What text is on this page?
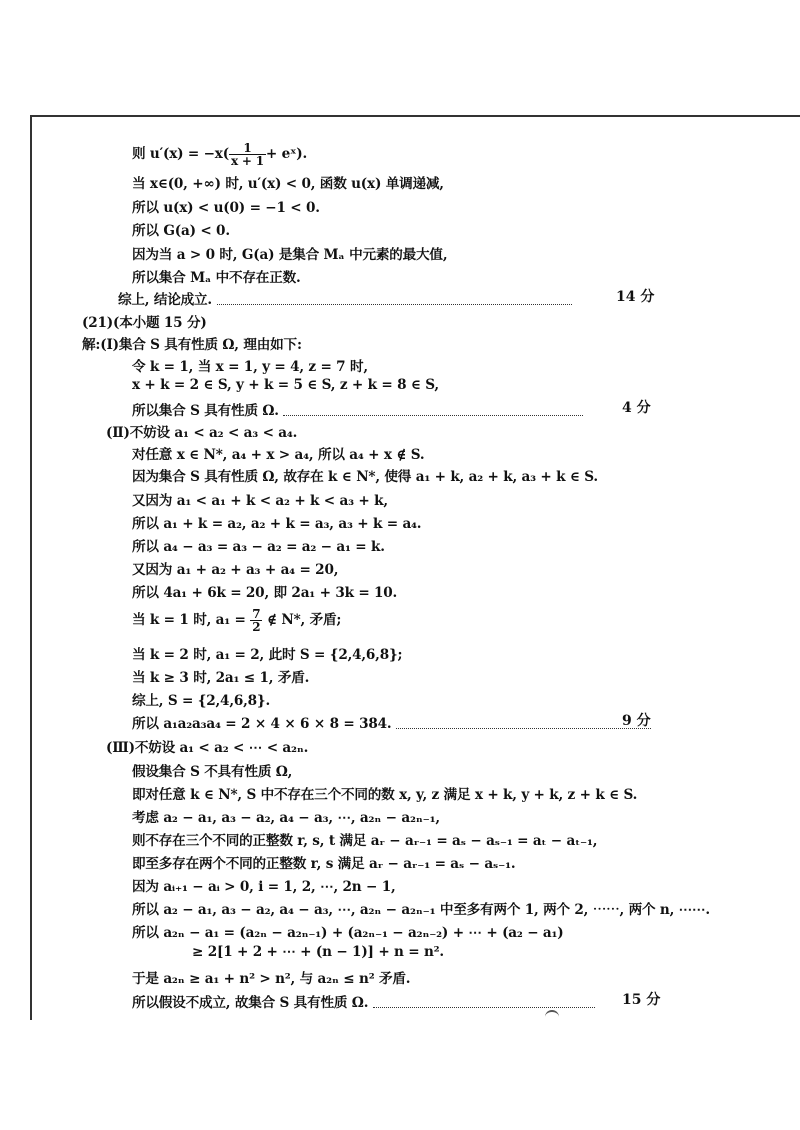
则 $u'(x) = -x( \frac{1}{x + 1}$ + eˣ).
当 x∈(0, +∞) 时, u′(x) < 0, 函数 u(x) 单调递减,
所以 u(x) < u(0) = −1 < 0.
所以 G(a) < 0.
因为当 a > 0 时, G(a) 是集合 Mₐ 中元素的最大值,
所以集合 Mₐ 中不存在正数.
综上, 结论成立.	14 分
(21)(本小题 15 分)
解:(Ⅰ)集合 S 具有性质 Ω, 理由如下:
令 k = 1, 当 x = 1, y = 4, z = 7 时,
x + k = 2 ∈ S, y + k = 5 ∈ S, z + k = 8 ∈ S,
所以集合 S 具有性质 Ω.	4 分
(Ⅱ)不妨设 a₁ < a₂ < a₃ < a₄.
对任意 x ∈ N*, a₄ + x > a₄, 所以 a₄ + x ∉ S.
因为集合 S 具有性质 Ω, 故存在 k ∈ N*, 使得 a₁ + k, a₂ + k, a₃ + k ∈ S.
又因为 a₁ < a₁ + k < a₂ + k < a₃ + k,
所以 a₁ + k = a₂, a₂ + k = a₃, a₃ + k = a₄.
所以 a₄ − a₃ = a₃ − a₂ = a₂ − a₁ = k.
又因为 a₁ + a₂ + a₃ + a₄ = 20,
所以 4a₁ + 6k = 20, 即 2a₁ + 3k = 10.
当 k = 1 时, $a_1 = \frac{7}{2}$ ∉ N*, 矛盾;
当 k = 2 时, a₁ = 2, 此时 S = {2,4,6,8};
当 k ≥ 3 时, 2a₁ ≤ 1, 矛盾.
综上, S = {2,4,6,8}.
所以 a₁a₂a₃a₄ = 2 × 4 × 6 × 8 = 384.	9 分
(Ⅲ)不妨设 a₁ < a₂ < ⋯ < a₂ₙ.
假设集合 S 不具有性质 Ω,
即对任意 k ∈ N*, S 中不存在三个不同的数 x, y, z 满足 x + k, y + k, z + k ∈ S.
考虑 a₂ − a₁, a₃ − a₂, a₄ − a₃, ⋯, a₂ₙ − a₂ₙ₋₁,
则不存在三个不同的正整数 r, s, t 满足 aᵣ − aᵣ₋₁ = aₛ − aₛ₋₁ = aₜ − aₜ₋₁,
即至多存在两个不同的正整数 r, s 满足 aᵣ − aᵣ₋₁ = aₛ − aₛ₋₁.
因为 aᵢ₊₁ − aᵢ > 0, i = 1, 2, ⋯, 2n − 1,
所以 a₂ − a₁, a₃ − a₂, a₄ − a₃, ⋯, a₂ₙ − a₂ₙ₋₁ 中至多有两个 1, 两个 2, ⋯⋯, 两个 n, ⋯⋯.
所以 a₂ₙ − a₁ = (a₂ₙ − a₂ₙ₋₁) + (a₂ₙ₋₁ − a₂ₙ₋₂) + ⋯ + (a₂ − a₁)
≥ 2[1 + 2 + ⋯ + (n − 1)] + n = n².
于是 a₂ₙ ≥ a₁ + n² > n², 与 a₂ₙ ≤ n² 矛盾.
所以假设不成立, 故集合 S 具有性质 Ω.	15 分
